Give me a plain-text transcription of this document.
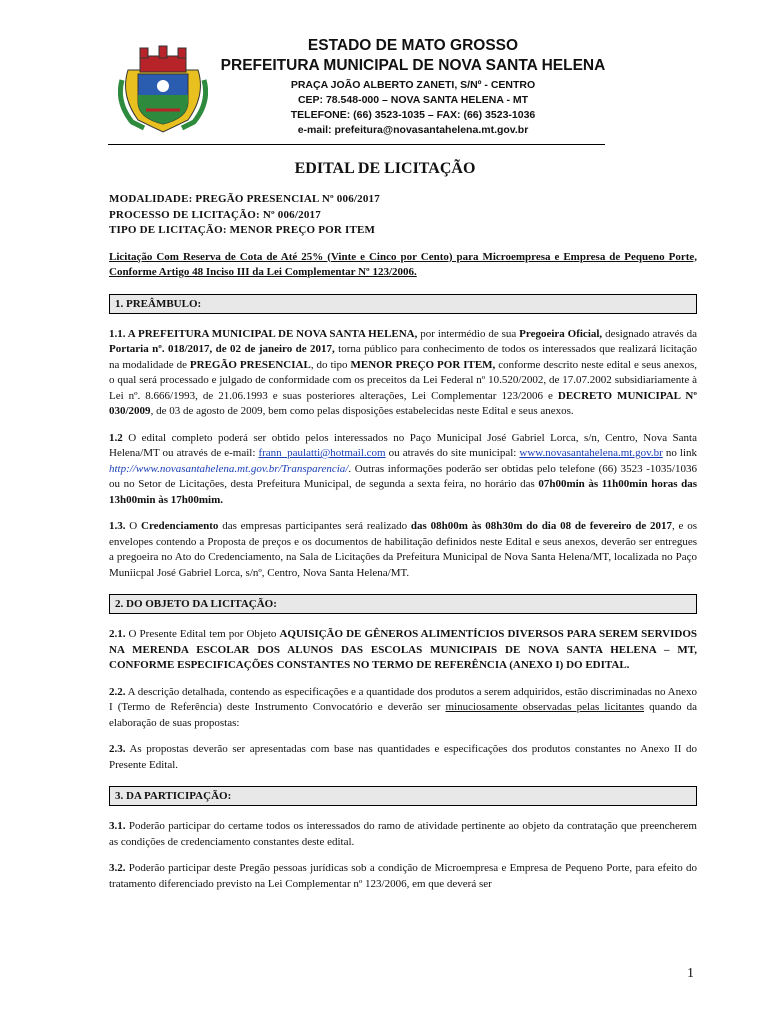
ESTADO DE MATO GROSSO
PREFEITURA MUNICIPAL DE NOVA SANTA HELENA
PRAÇA JOÃO ALBERTO ZANETI, S/Nº - CENTRO
CEP: 78.548-000 – NOVA SANTA HELENA - MT
TELEFONE: (66) 3523-1035 – FAX: (66) 3523-1036
e-mail: prefeitura@novasantahelena.mt.gov.br
EDITAL DE LICITAÇÃO
MODALIDADE: PREGÃO PRESENCIAL Nº 006/2017
PROCESSO DE LICITAÇÃO: Nº 006/2017
TIPO DE LICITAÇÃO: MENOR PREÇO POR ITEM

Licitação Com Reserva de Cota de Até 25% (Vinte e Cinco por Cento) para Microempresa e Empresa de Pequeno Porte, Conforme Artigo 48 Inciso III da Lei Complementar Nº 123/2006.

1. PREÂMBULO:

1.1. A PREFEITURA MUNICIPAL DE NOVA SANTA HELENA, por intermédio de sua Pregoeira Oficial, designado através da Portaria nº. 018/2017, de 02 de janeiro de 2017, torna público para conhecimento de todos os interessados que realizará licitação na modalidade de PREGÃO PRESENCIAL, do tipo MENOR PREÇO POR ITEM, conforme descrito neste edital e seus anexos, o qual será processado e julgado de conformidade com os preceitos da Lei Federal nº 10.520/2002, de 17.07.2002 subsidiariamente à Lei nº. 8.666/1993, de 21.06.1993 e suas posteriores alterações, Lei Complementar 123/2006 e DECRETO MUNICIPAL Nº 030/2009, de 03 de agosto de 2009, bem como pelas disposições estabelecidas neste Edital e seus anexos.

1.2 O edital completo poderá ser obtido pelos interessados no Paço Municipal José Gabriel Lorca, s/n, Centro, Nova Santa Helena/MT ou através de e-mail: frann_paulatti@hotmail.com ou através do site municipal: www.novasantahelena.mt.gov.br no link http://www.novasantahelena.mt.gov.br/Transparencia/. Outras informações poderão ser obtidas pelo telefone (66) 3523 -1035/1036 ou no Setor de Licitações, desta Prefeitura Municipal, de segunda a sexta feira, no horário das 07h00min às 11h00min horas das 13h00min às 17h00mim.

1.3. O Credenciamento das empresas participantes será realizado das 08h00m às 08h30m do dia 08 de fevereiro de 2017, e os envelopes contendo a Proposta de preços e os documentos de habilitação definidos neste Edital e seus anexos, deverão ser entregues a pregoeira no Ato do Credenciamento, na Sala de Licitações da Prefeitura Municipal de Nova Santa Helena/MT, localizada no Paço Muniicpal José Gabriel Lorca, s/nº, Centro, Nova Santa Helena/MT.

2. DO OBJETO DA LICITAÇÃO:

2.1. O Presente Edital tem por Objeto AQUISIÇÃO DE GÊNEROS ALIMENTÍCIOS DIVERSOS PARA SEREM SERVIDOS NA MERENDA ESCOLAR DOS ALUNOS DAS ESCOLAS MUNICIPAIS DE NOVA SANTA HELENA – MT, CONFORME ESPECIFICAÇÕES CONSTANTES NO TERMO DE REFERÊNCIA (ANEXO I) DO EDITAL.

2.2. A descrição detalhada, contendo as especificações e a quantidade dos produtos a serem adquiridos, estão discriminadas no Anexo I (Termo de Referência) deste Instrumento Convocatório e deverão ser minuciosamente observadas pelas licitantes quando da elaboração de suas propostas:

2.3. As propostas deverão ser apresentadas com base nas quantidades e especificações dos produtos constantes no Anexo II do Presente Edital.

3. DA PARTICIPAÇÃO:

3.1. Poderão participar do certame todos os interessados do ramo de atividade pertinente ao objeto da contratação que preencherem as condições de credenciamento constantes deste edital.

3.2. Poderão participar deste Pregão pessoas jurídicas sob a condição de Microempresa e Empresa de Pequeno Porte, para efeito do tratamento diferenciado previsto na Lei Complementar nº 123/2006, em que deverá ser

1
